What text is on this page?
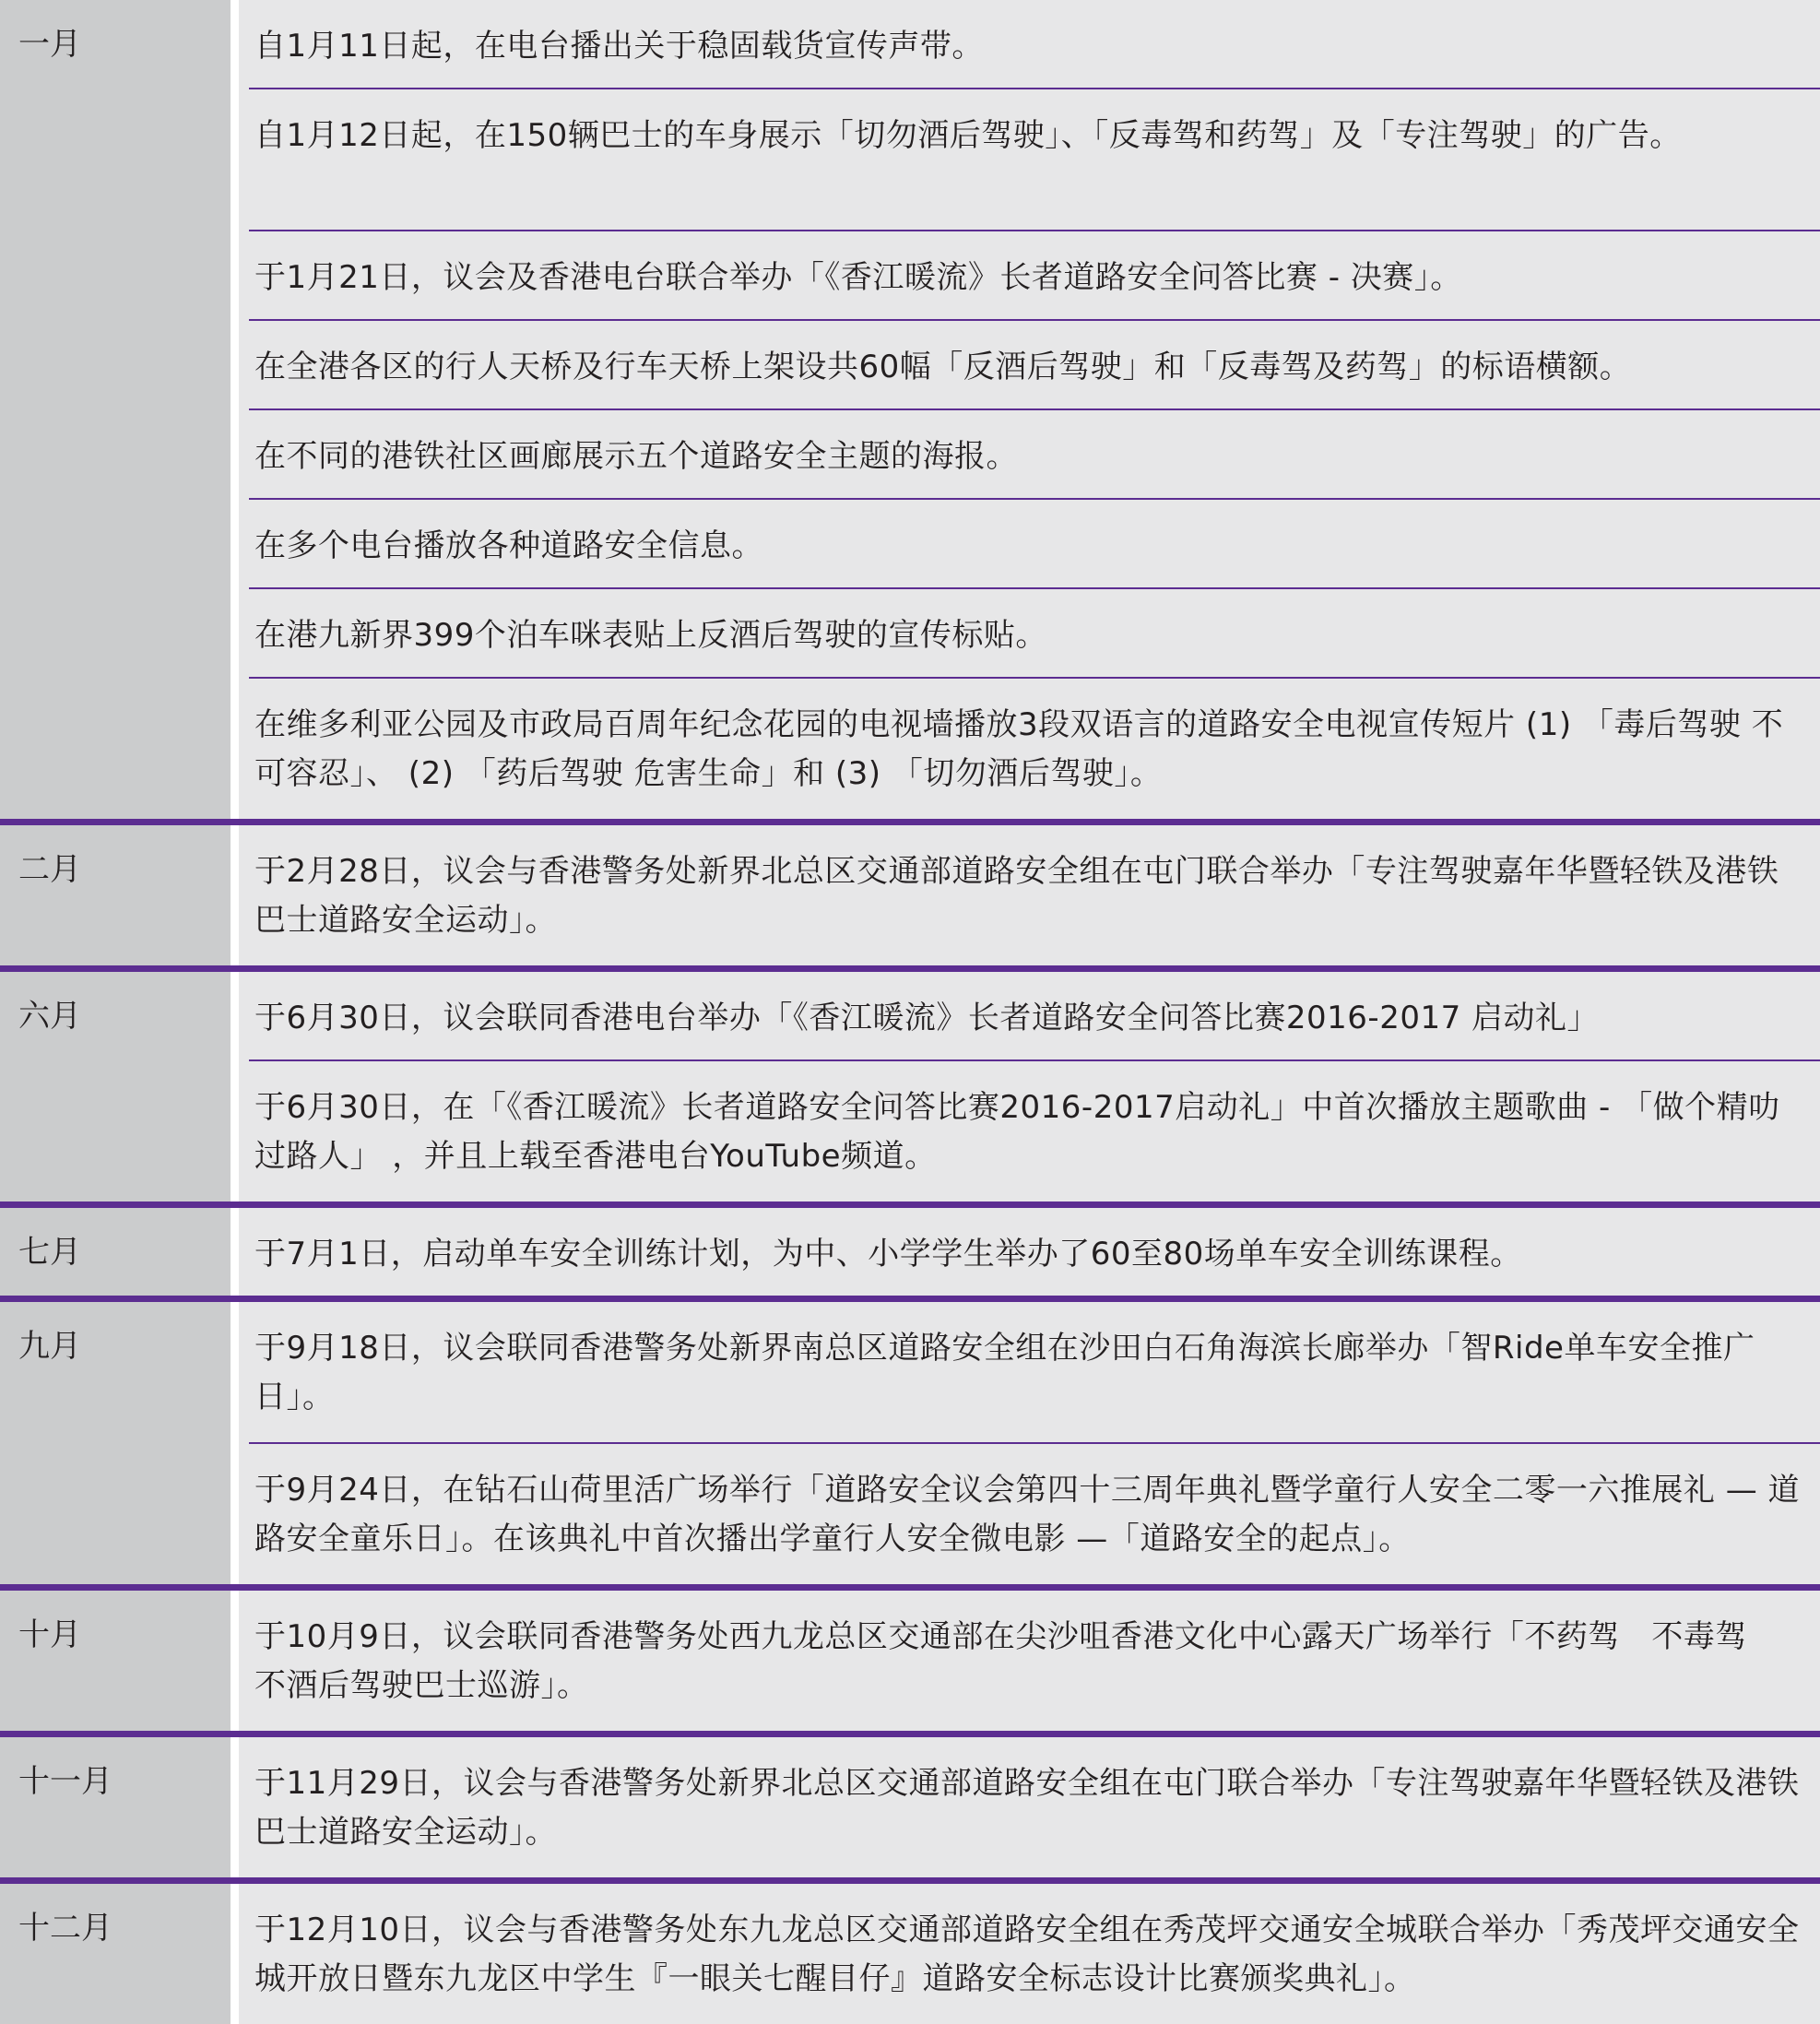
一月	自1月11日起，在电台播出关于稳固载货宣传声带。
自1月12日起，在150辆巴士的车身展示「切勿酒后驾驶」、「反毒驾和药驾」及「专注驾驶」的广告。
于1月21日，议会及香港电台联合举办「《香江暖流》长者道路安全问答比赛 - 决赛」。
在全港各区的行人天桥及行车天桥上架设共60幅「反酒后驾驶」和「反毒驾及药驾」的标语横额。
在不同的港铁社区画廊展示五个道路安全主题的海报。
在多个电台播放各种道路安全信息。
在港九新界399个泊车咪表贴上反酒后驾驶的宣传标贴。
在维多利亚公园及市政局百周年纪念花园的电视墙播放3段双语言的道路安全电视宣传短片 (1) 「毒后驾驶 不可容忍」、 (2) 「药后驾驶 危害生命」和 (3) 「切勿酒后驾驶」。
二月	于2月28日，议会与香港警务处新界北总区交通部道路安全组在屯门联合举办「专注驾驶嘉年华暨轻铁及港铁巴士道路安全运动」。
六月	于6月30日，议会联同香港电台举办「《香江暖流》长者道路安全问答比赛2016-2017 启动礼」
于6月30日，在「《香江暖流》长者道路安全问答比赛2016-2017启动礼」中首次播放主题歌曲 - 「做个精叻过路人」 ，并且上载至香港电台YouTube频道。
七月	于7月1日，启动单车安全训练计划，为中、小学学生举办了60至80场单车安全训练课程。
九月	于9月18日，议会联同香港警务处新界南总区道路安全组在沙田白石角海滨长廊举办「智Ride单车安全推广日」。
于9月24日，在钻石山荷里活广场举行「道路安全议会第四十三周年典礼暨学童行人安全二零一六推展礼 — 道路安全童乐日」。在该典礼中首次播出学童行人安全微电影 —「道路安全的起点」。
十月	于10月9日，议会联同香港警务处西九龙总区交通部在尖沙咀香港文化中心露天广场举行「不药驾　不毒驾　不酒后驾驶巴士巡游」。
十一月	于11月29日，议会与香港警务处新界北总区交通部道路安全组在屯门联合举办「专注驾驶嘉年华暨轻铁及港铁巴士道路安全运动」。
十二月	于12月10日，议会与香港警务处东九龙总区交通部道路安全组在秀茂坪交通安全城联合举办「秀茂坪交通安全城开放日暨东九龙区中学生『一眼关七醒目仔』道路安全标志设计比赛颁奖典礼」。
